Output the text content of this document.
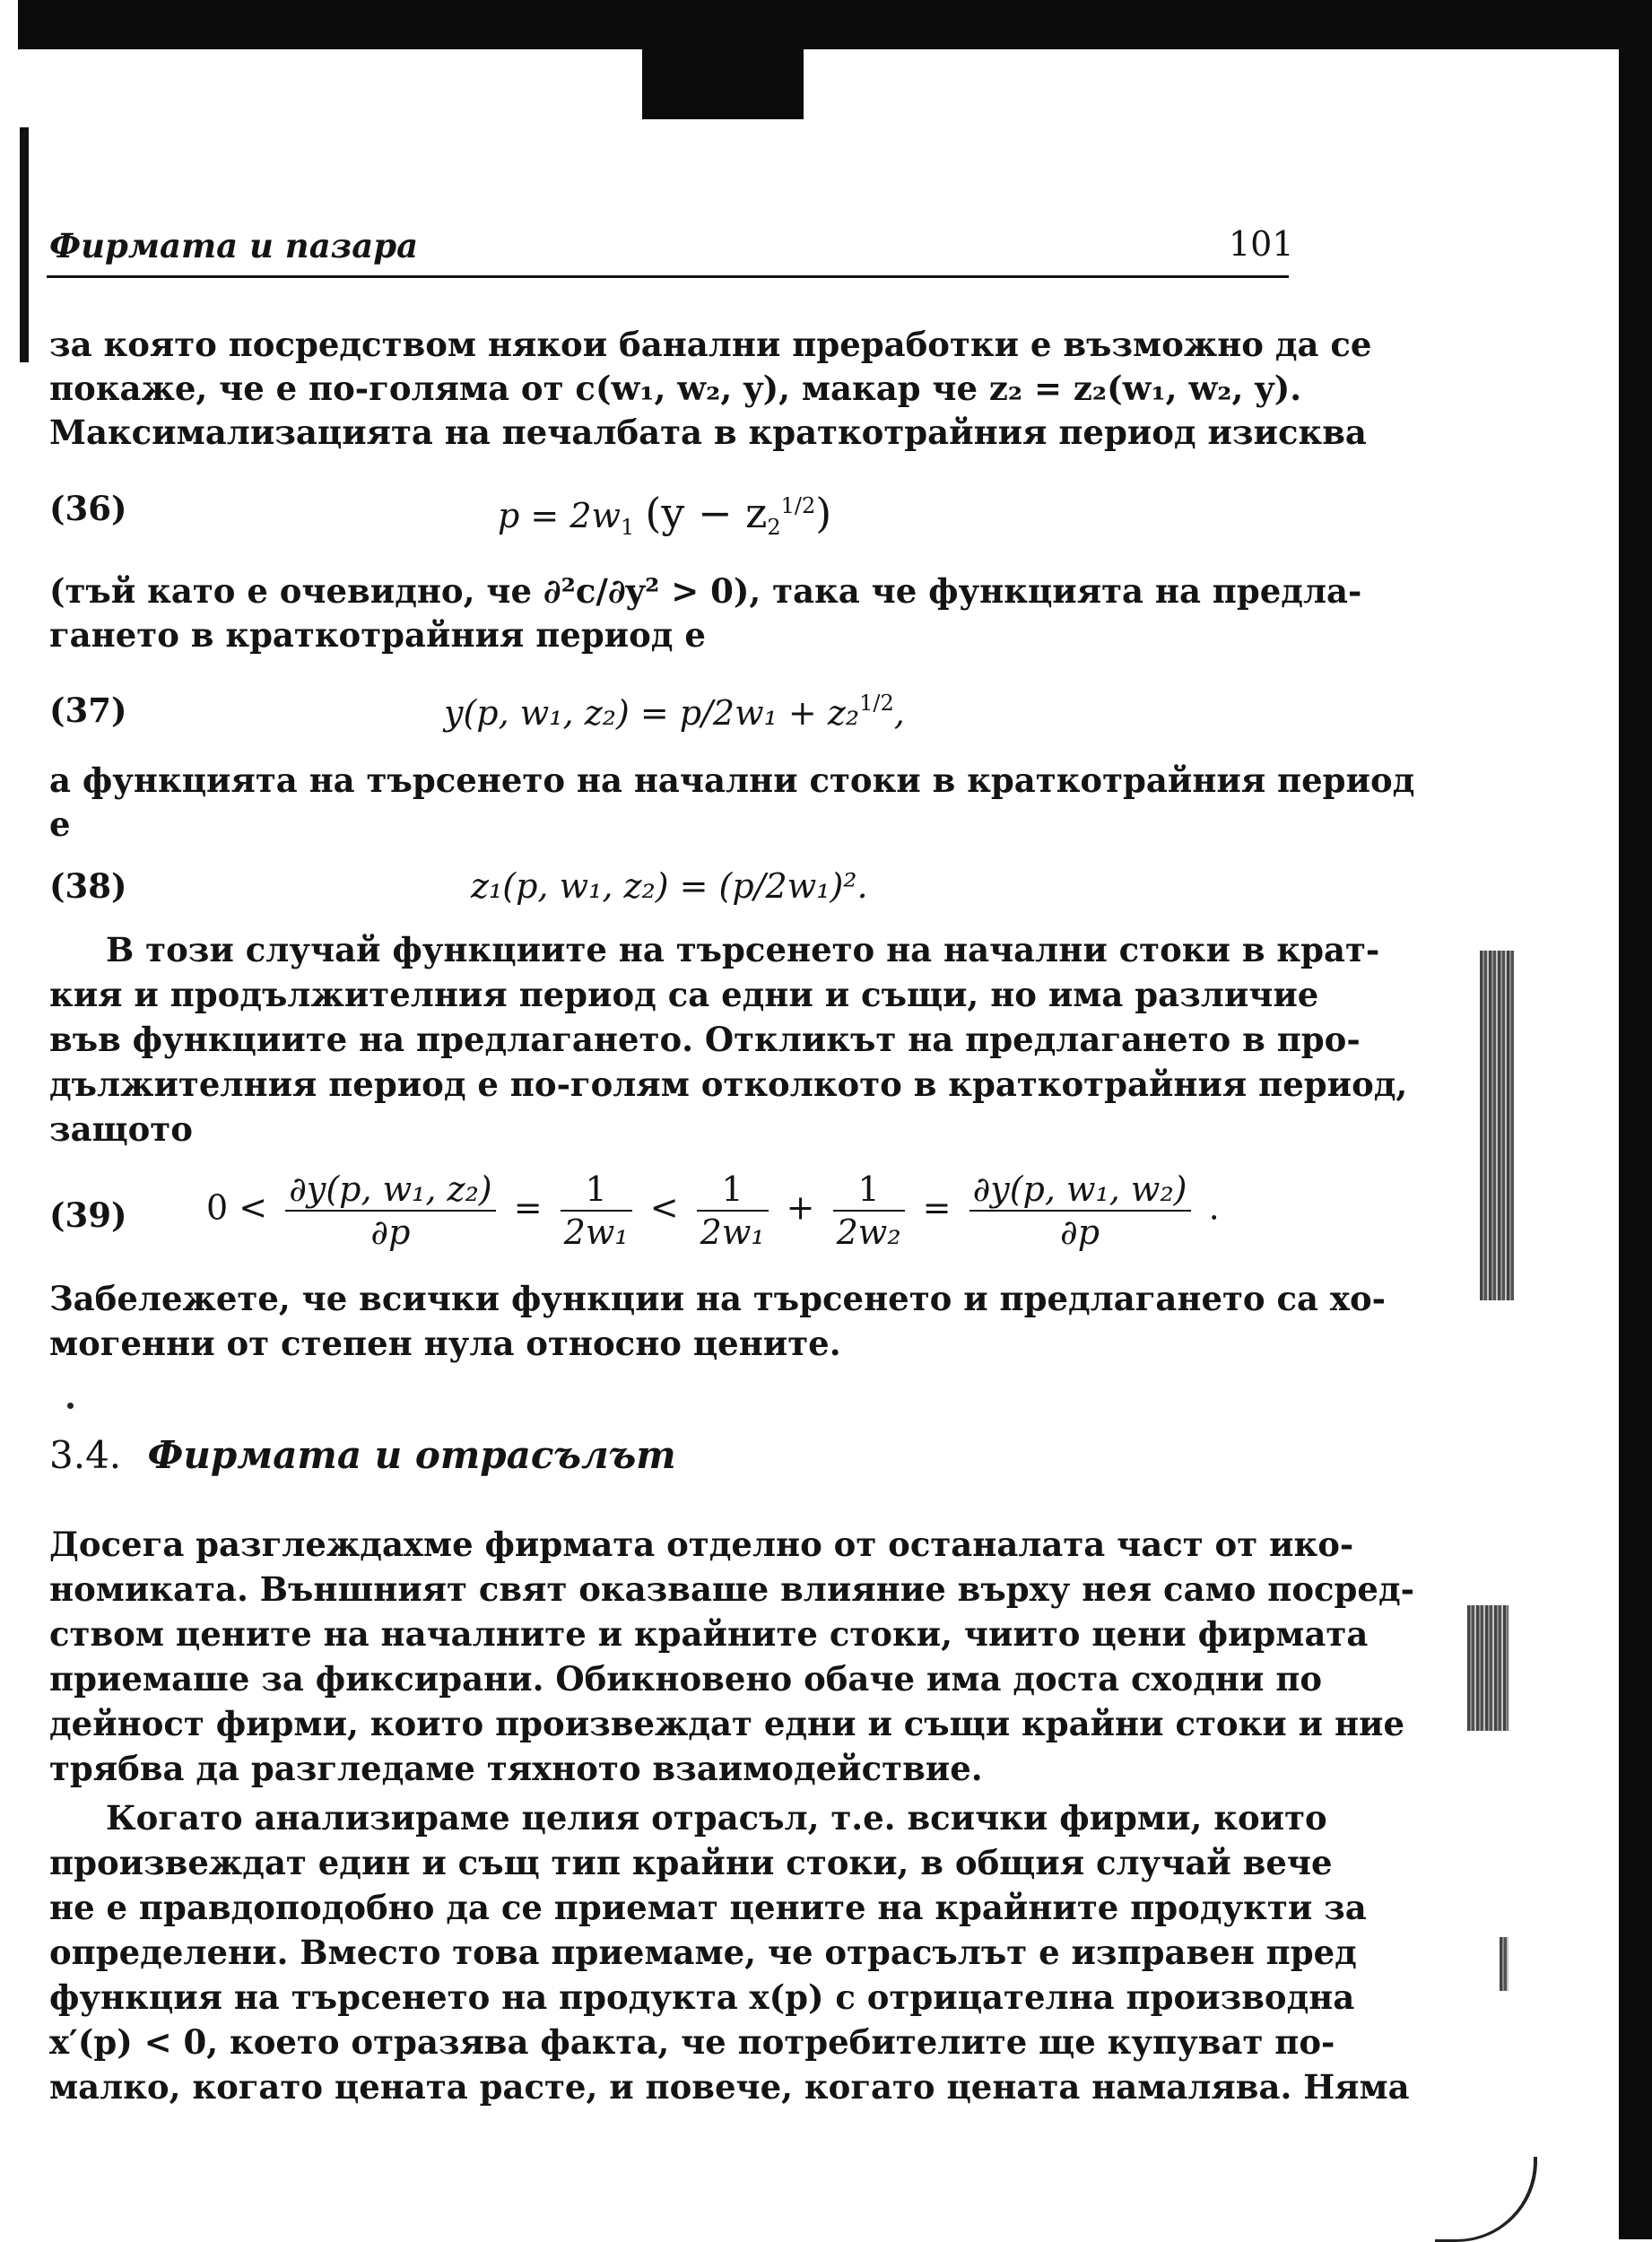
Фирмата и пазара	101
за която посредством някои банални преработки е възможно да се
покаже, че е по-голяма от c(w₁, w₂, y), макар че z₂ = z₂(w₁, w₂, y).
Максимализацията на печалбата в краткотрайния период изисква
(36)	$p = 2w_1$ $(y - z_2^{1/2})$
(тъй като е очевидно, че ∂²c/∂y² > 0), така че функцията на предла-
гането в краткотрайния период е
(37)	y(p, w₁, z₂) = p/2w₁ + z₂$^{1/2}$,
а функцията на търсенето на начални стоки в краткотрайния период
е
(38)	z₁(p, w₁, z₂) = (p/2w₁)².
В този случай функциите на търсенето на начални стоки в крат-
кия и продължителния период са едни и същи, но има различие
във функциите на предлагането. Откликът на предлагането в про-
дължителния период е по-голям отколкото в краткотрайния период,
защото
(39) $0 < \frac{\text{∂y(p, w₁, z₂)}}{\partial p} = \frac{1}{\text{2w₁}} < \frac{1}{\text{2w₁}} + \frac{1}{\text{2w₂}} = \frac{\text{∂y(p, w₁, w₂)}}{\partial p}$ .
Забележете, че всички функции на търсенето и предлагането са хо-
могенни от степен нула относно цените.
3.4. Фирмата и отрасълът
Досега разглеждахме фирмата отделно от останалата част от ико-
номиката. Външният свят оказваше влияние върху нея само посред-
ством цените на началните и крайните стоки, чиито цени фирмата
приемаше за фиксирани. Обикновено обаче има доста сходни по
дейност фирми, които произвеждат едни и същи крайни стоки и ние
трябва да разгледаме тяхното взаимодействие.
Когато анализираме целия отрасъл, т.е. всички фирми, които
произвеждат един и същ тип крайни стоки, в общия случай вече
не е правдоподобно да се приемат цените на крайните продукти за
определени. Вместо това приемаме, че отрасълът е изправен пред
функция на търсенето на продукта x(p) с отрицателна производна
x′(p) < 0, което отразява факта, че потребителите ще купуват по-
малко, когато цената расте, и повече, когато цената намалява. Няма
